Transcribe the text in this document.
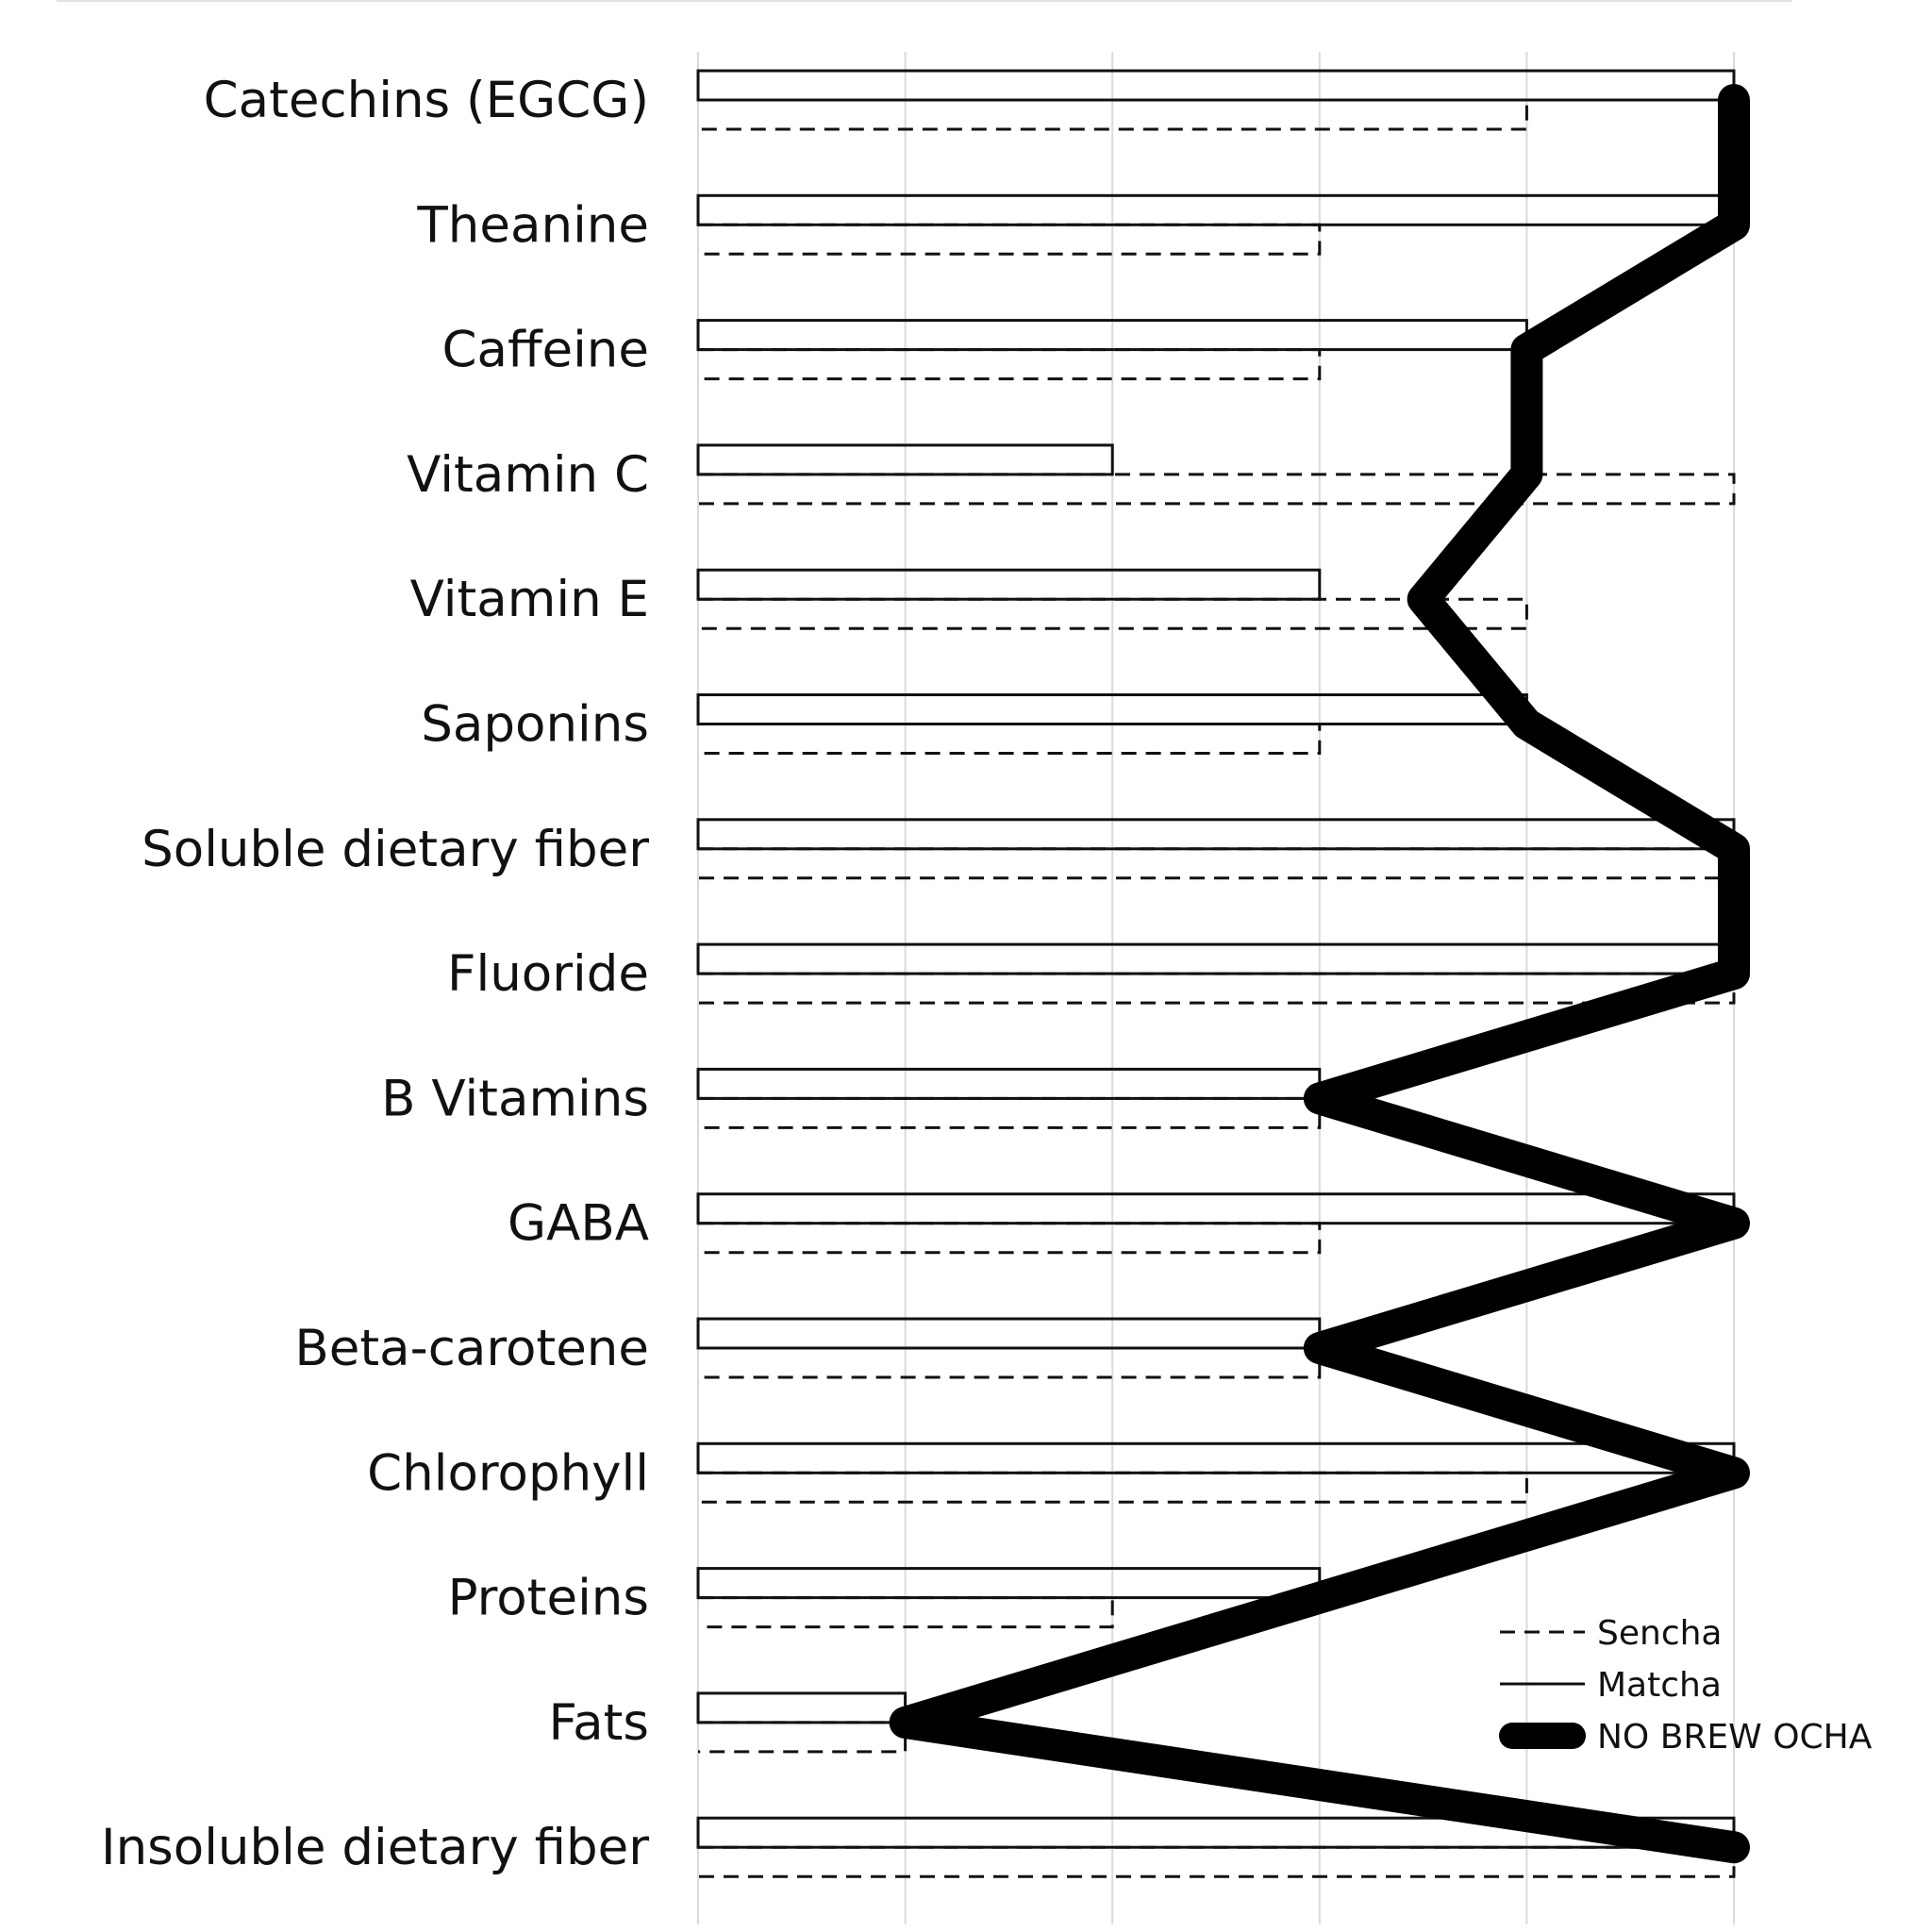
Catechins (EGCG)
Theanine
Caffeine
Vitamin C
Vitamin E
Saponins
Soluble dietary fiber
Fluoride
B Vitamins
GABA
Beta-carotene
Chlorophyll
Proteins
Fats
Insoluble dietary fiber
Sencha
Matcha
NO BREW OCHA
